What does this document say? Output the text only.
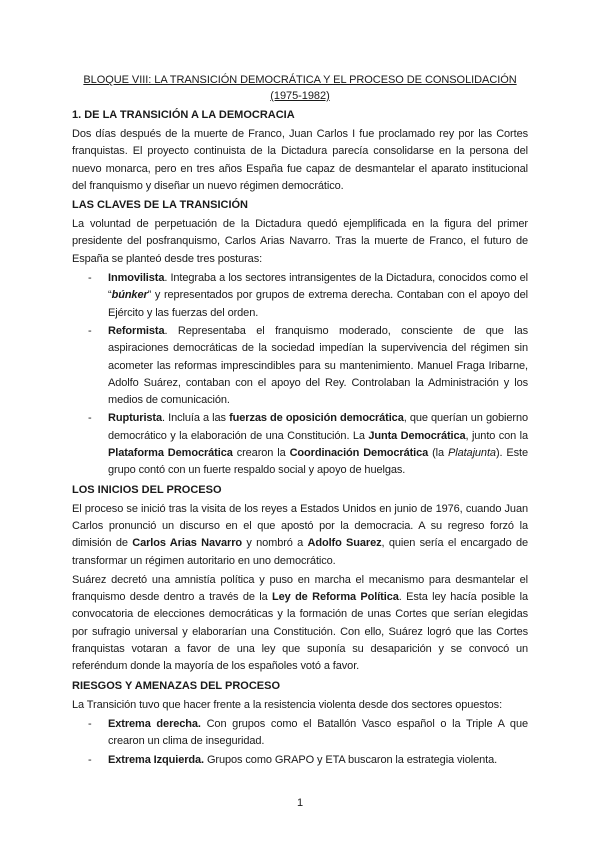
BLOQUE VIII: LA TRANSICIÓN DEMOCRÁTICA Y EL PROCESO DE CONSOLIDACIÓN (1975-1982)
1. DE LA TRANSICIÓN A LA DEMOCRACIA
Dos días después de la muerte de Franco, Juan Carlos I fue proclamado rey por las Cortes franquistas. El proyecto continuista de la Dictadura parecía consolidarse en la persona del nuevo monarca, pero en tres años España fue capaz de desmantelar el aparato institucional del franquismo y diseñar un nuevo régimen democrático.
LAS CLAVES DE LA TRANSICIÓN
La voluntad de perpetuación de la Dictadura quedó ejemplificada en la figura del primer presidente del posfranquismo, Carlos Arias Navarro. Tras la muerte de Franco, el futuro de España se planteó desde tres posturas:
- Inmovilista. Integraba a los sectores intransigentes de la Dictadura, conocidos como el “búnker” y representados por grupos de extrema derecha. Contaban con el apoyo del Ejército y las fuerzas del orden.
- Reformista. Representaba el franquismo moderado, consciente de que las aspiraciones democráticas de la sociedad impedían la supervivencia del régimen sin acometer las reformas imprescindibles para su mantenimiento. Manuel Fraga Iribarne, Adolfo Suárez, contaban con el apoyo del Rey. Controlaban la Administración y los medios de comunicación.
- Rupturista. Incluía a las fuerzas de oposición democrática, que querían un gobierno democrático y la elaboración de una Constitución. La Junta Democrática, junto con la Plataforma Democrática crearon la Coordinación Democrática (la Platajunta). Este grupo contó con un fuerte respaldo social y apoyo de huelgas.
LOS INICIOS DEL PROCESO
El proceso se inició tras la visita de los reyes a Estados Unidos en junio de 1976, cuando Juan Carlos pronunció un discurso en el que apostó por la democracia. A su regreso forzó la dimisión de Carlos Arias Navarro y nombró a Adolfo Suarez, quien sería el encargado de transformar un régimen autoritario en uno democrático.
Suárez decretó una amnistía política y puso en marcha el mecanismo para desmantelar el franquismo desde dentro a través de la Ley de Reforma Política. Esta ley hacía posible la convocatoria de elecciones democráticas y la formación de unas Cortes que serían elegidas por sufragio universal y elaborarían una Constitución. Con ello, Suárez logró que las Cortes franquistas votaran a favor de una ley que suponía su desaparición y se convocó un referéndum donde la mayoría de los españoles votó a favor.
RIESGOS Y AMENAZAS DEL PROCESO
La Transición tuvo que hacer frente a la resistencia violenta desde dos sectores opuestos:
- Extrema derecha. Con grupos como el Batallón Vasco español o la Triple A que crearon un clima de inseguridad.
- Extrema Izquierda. Grupos como GRAPO y ETA buscaron la estrategia violenta.
1
